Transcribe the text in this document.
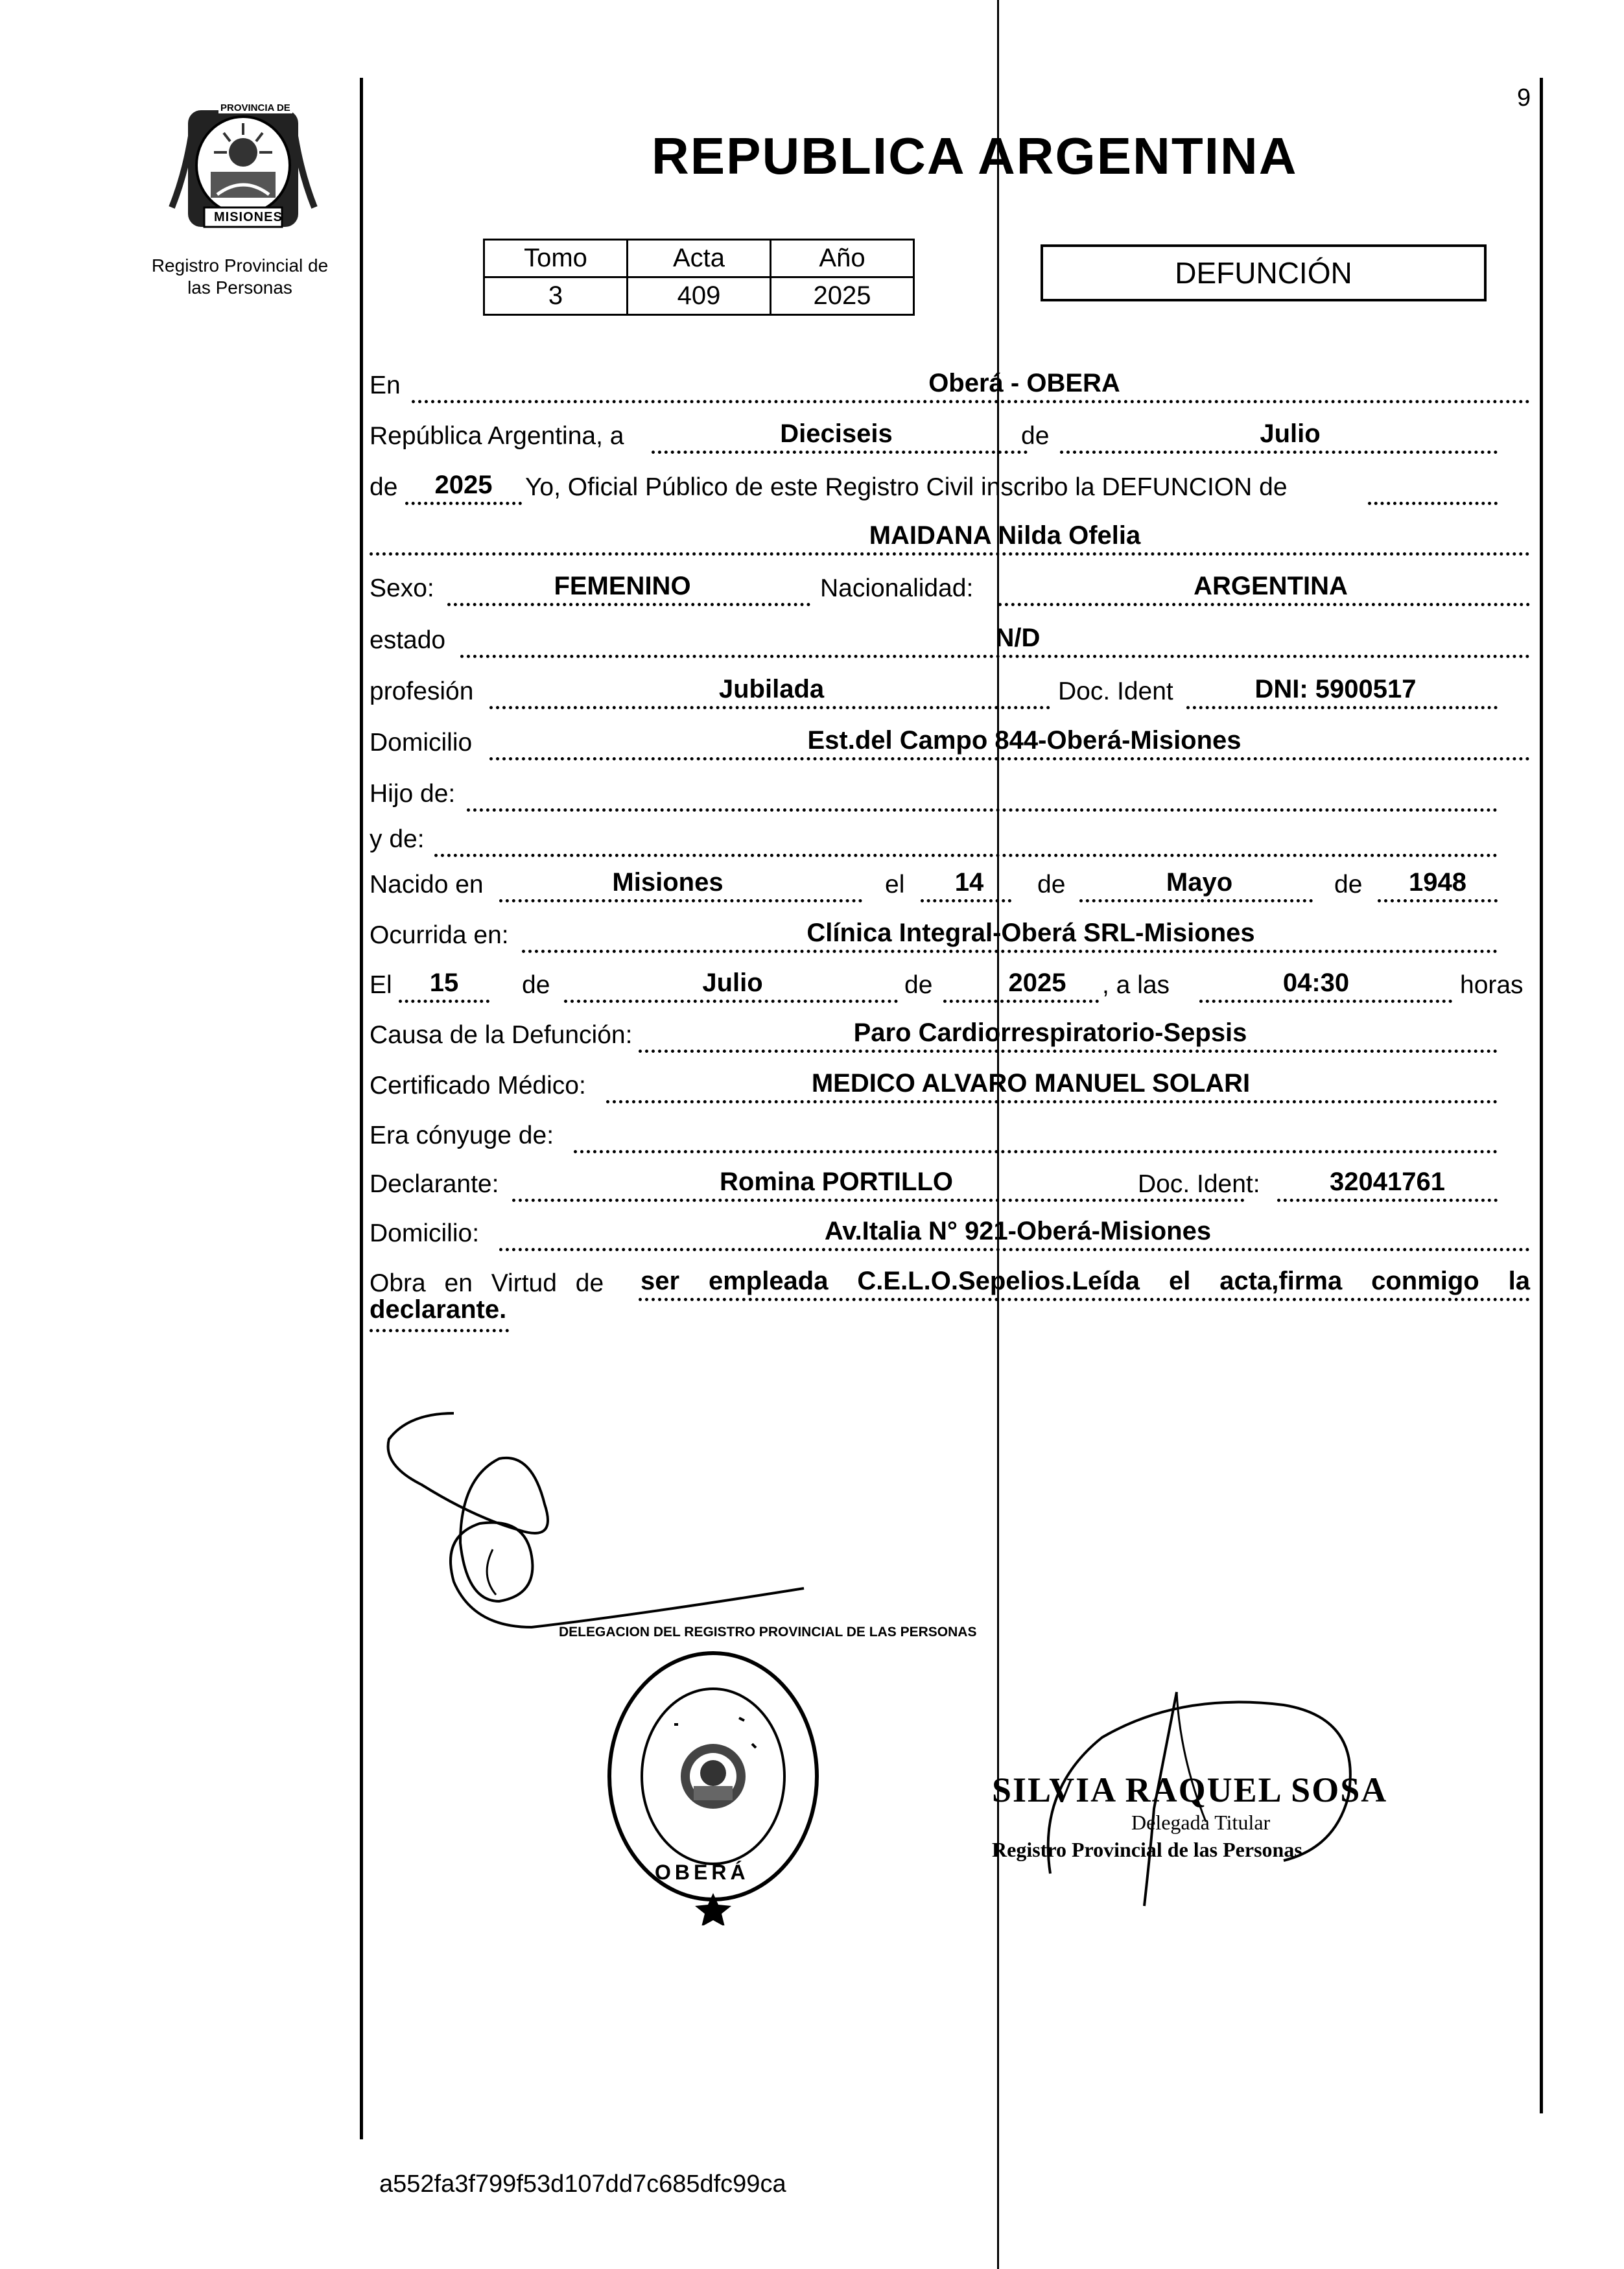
9
PROVINCIA DE
MISIONES
Registro Provincial de las Personas
REPUBLICA ARGENTINA
Tomo	Acta	Año
3	409	2025
DEFUNCIÓN
En	Oberá - OBERA
República Argentina, a	Dieciseis	de	Julio
de	2025	Yo, Oficial Público de este Registro Civil inscribo la DEFUNCION de
MAIDANA Nilda Ofelia
Sexo:	FEMENINO	Nacionalidad:	ARGENTINA
estado	N/D
profesión	Jubilada	Doc. Ident	DNI: 5900517
Domicilio	Est.del Campo 844-Oberá-Misiones
Hijo de:
y de:
Nacido en	Misiones	el	14	de	Mayo	de	1948
Ocurrida en:	Clínica Integral-Oberá SRL-Misiones
El	15	de	Julio	de	2025	, a las	04:30	horas
Causa de la Defunción:	Paro Cardiorrespiratorio-Sepsis
Certificado Médico:	MEDICO ALVARO MANUEL SOLARI
Era cónyuge de:
Declarante:	Romina PORTILLO	Doc. Ident:	32041761
Domicilio:	Av.Italia N° 921-Oberá-Misiones
Obra en Virtud de ser empleada C.E.L.O.Sepelios.Leída el acta,firma conmigo la
declarante.
DELEGACION DEL REGISTRO PROVINCIAL DE LAS PERSONAS
OBERÁ
SILVIA RAQUEL SOSA
Delegada Titular
Registro Provincial de las Personas
a552fa3f799f53d107dd7c685dfc99ca
